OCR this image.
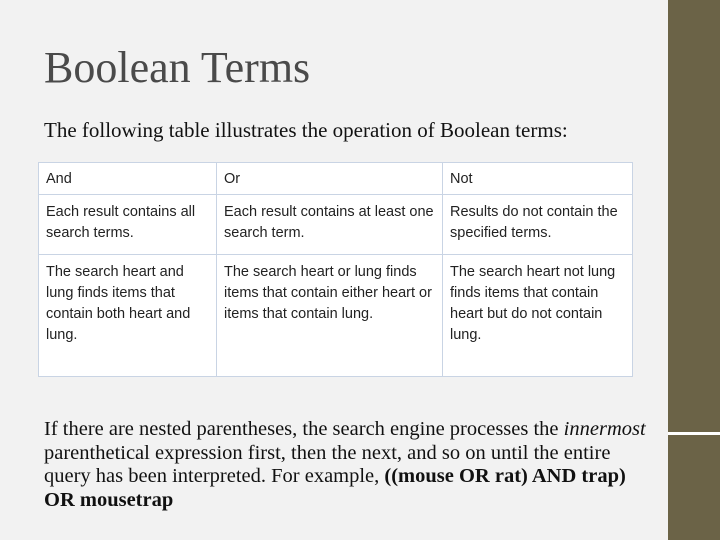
Boolean Terms

The following table illustrates the operation of Boolean terms:

And	Or	Not
Each result contains all search terms.	Each result contains at least one search term.	Results do not contain the specified terms.
The search heart and lung finds items that contain both heart and lung.	The search heart or lung finds items that contain either heart or items that contain lung.	The search heart not lung finds items that contain heart but do not contain lung.

If there are nested parentheses, the search engine processes the innermost parenthetical expression first, then the next, and so on until the entire query has been interpreted. For example, ((mouse OR rat) AND trap) OR mousetrap
